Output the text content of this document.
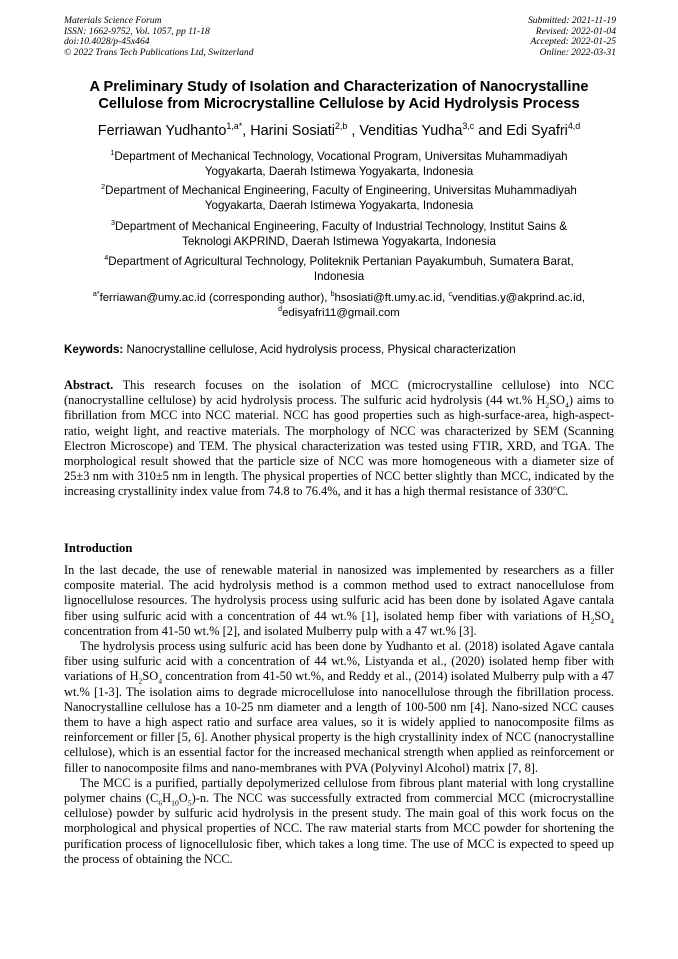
Materials Science Forum
ISSN: 1662-9752, Vol. 1057, pp 11-18
doi:10.4028/p-45x464
© 2022 Trans Tech Publications Ltd, Switzerland
Submitted: 2021-11-19
Revised: 2022-01-04
Accepted: 2022-01-25
Online: 2022-03-31
A Preliminary Study of Isolation and Characterization of Nanocrystalline
Cellulose from Microcrystalline Cellulose by Acid Hydrolysis Process
Ferriawan Yudhanto$^{1,a*}$, Harini Sosiati$^{2,b}$ , Venditias Yudha$^{3,c}$ and Edi Syafri$^{4,d}$
$^1$Department of Mechanical Technology, Vocational Program, Universitas Muhammadiyah
Yogyakarta, Daerah Istimewa Yogyakarta, Indonesia
$^2$Department of Mechanical Engineering, Faculty of Engineering, Universitas Muhammadiyah
Yogyakarta, Daerah Istimewa Yogyakarta, Indonesia
$^3$Department of Mechanical Engineering, Faculty of Industrial Technology, Institut Sains &
Teknologi AKPRIND, Daerah Istimewa Yogyakarta, Indonesia
$^4$Department of Agricultural Technology, Politeknik Pertanian Payakumbuh, Sumatera Barat,
Indonesia
$^{a*}$ferriawan@umy.ac.id (corresponding author), $^b$hsosiati@ft.umy.ac.id, $^c$venditias.y@akprind.ac.id,
$^d$edisyafri11@gmail.com
Keywords: Nanocrystalline cellulose, Acid hydrolysis process, Physical characterization

Abstract. This research focuses on the isolation of MCC (microcrystalline cellulose) into NCC (nanocrystalline cellulose) by acid hydrolysis process. The sulfuric acid hydrolysis (44 wt.% $H_2SO_4$) aims to fibrillation from MCC into NCC material. NCC has good properties such as high-surface-area, high-aspect-ratio, weight light, and reactive materials. The morphology of NCC was characterized by SEM (Scanning Electron Microscope) and TEM. The physical characterization was tested using FTIR, XRD, and TGA. The morphological result showed that the particle size of NCC was more homogeneous with a diameter size of 25±3 nm with 310±5 nm in length. The physical properties of NCC better slightly than MCC, indicated by the increasing crystallinity index value from 74.8 to 76.4%, and it has a high thermal resistance of 330$^o$C.

Introduction

In the last decade, the use of renewable material in nanosized was implemented by researchers as a filler composite material. The acid hydrolysis method is a common method used to extract nanocellulose from lignocellulose resources. The hydrolysis process using sulfuric acid has been done by isolated Agave cantala fiber using sulfuric acid with a concentration of 44 wt.% [1], isolated hemp fiber with variations of $H_2SO_4$ concentration from 41-50 wt.% [2], and isolated Mulberry pulp with a 47 wt.% [3].

The hydrolysis process using sulfuric acid has been done by Yudhanto et al. (2018) isolated Agave cantala fiber using sulfuric acid with a concentration of 44 wt.%, Listyanda et al., (2020) isolated hemp fiber with variations of $H_2SO_4$ concentration from 41-50 wt.%, and Reddy et al., (2014) isolated Mulberry pulp with a 47 wt.% [1-3]. The isolation aims to degrade microcellulose into nanocellulose through the fibrillation process. Nanocrystalline cellulose has a 10-25 nm diameter and a length of 100-500 nm [4]. Nano-sized NCC causes them to have a high aspect ratio and surface area values, so it is widely applied to nanocomposite films as reinforcement or filler [5, 6]. Another physical property is the high crystallinity index of NCC (nanocrystalline cellulose), which is an essential factor for the increased mechanical strength when applied as reinforcement or filler to nanocomposite films and nano-membranes with PVA (Polyvinyl Alcohol) matrix [7, 8].

The MCC is a purified, partially depolymerized cellulose from fibrous plant material with long crystalline polymer chains $(C_6H_{10}O_5)-n$. The NCC was successfully extracted from commercial MCC (microcrystalline cellulose) powder by sulfuric acid hydrolysis in the present study. The main goal of this work focus on the morphological and physical properties of NCC. The raw material starts from MCC powder for shortening the purification process of lignocellulosic fiber, which takes a long time. The use of MCC is expected to speed up the process of obtaining the NCC.
